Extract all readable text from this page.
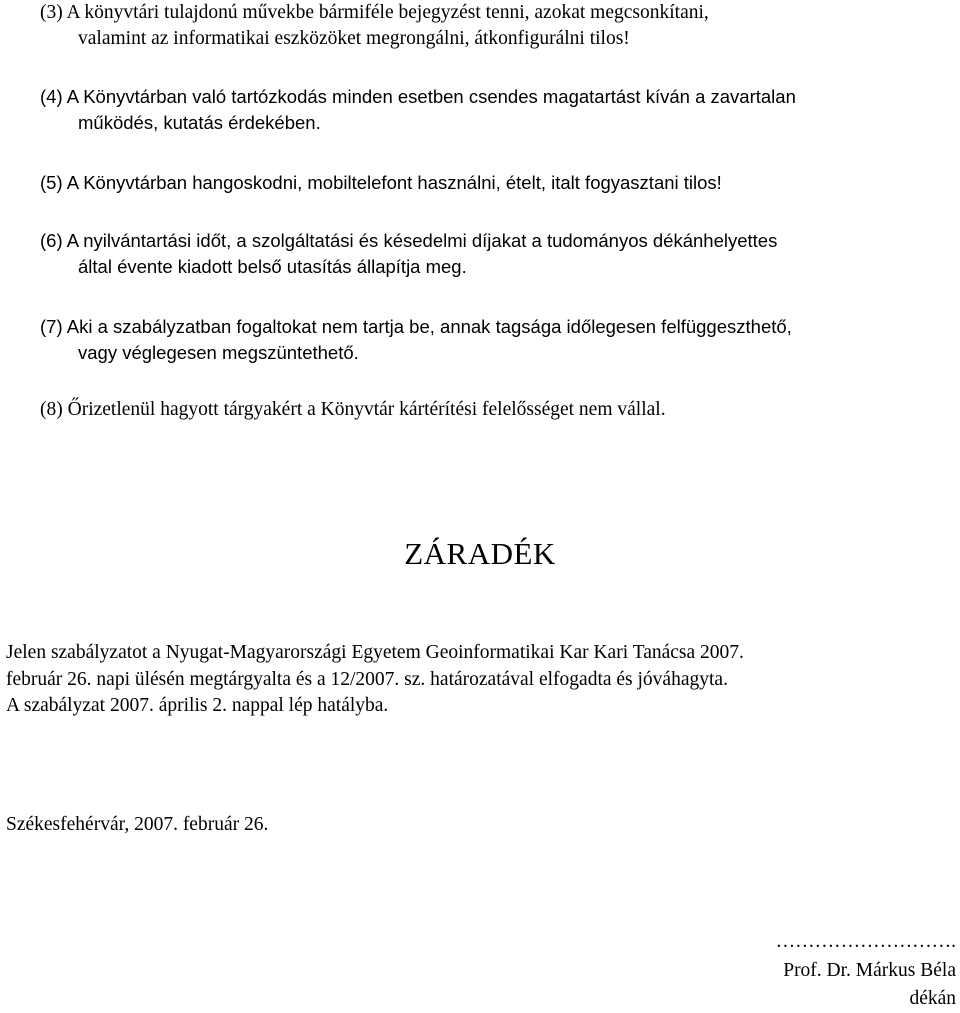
(3) A könyvtári tulajdonú művekbe bármiféle bejegyzést tenni, azokat megcsonkítani,
valamint az informatikai eszközöket megrongálni, átkonfigurálni tilos!
(4) A Könyvtárban való tartózkodás minden esetben csendes magatartást kíván a zavartalan
működés, kutatás érdekében.
(5) A Könyvtárban hangoskodni, mobiltelefont használni, ételt, italt fogyasztani tilos!
(6) A nyilvántartási időt, a szolgáltatási és késedelmi díjakat a tudományos dékánhelyettes
által évente kiadott belső utasítás állapítja meg.
(7) Aki a szabályzatban fogaltokat nem tartja be, annak tagsága időlegesen felfüggeszthető,
vagy véglegesen megszüntethető.
(8) Őrizetlenül hagyott tárgyakért a Könyvtár kártérítési felelősséget nem vállal.
ZÁRADÉK
Jelen szabályzatot a Nyugat-Magyarországi Egyetem Geoinformatikai Kar Kari Tanácsa 2007.
február 26. napi ülésén megtárgyalta és a 12/2007. sz. határozatával elfogadta és jóváhagyta.
A szabályzat 2007. április 2. nappal lép hatályba.
Székesfehérvár, 2007. február 26.
……………………….
Prof. Dr. Márkus Béla
dékán
